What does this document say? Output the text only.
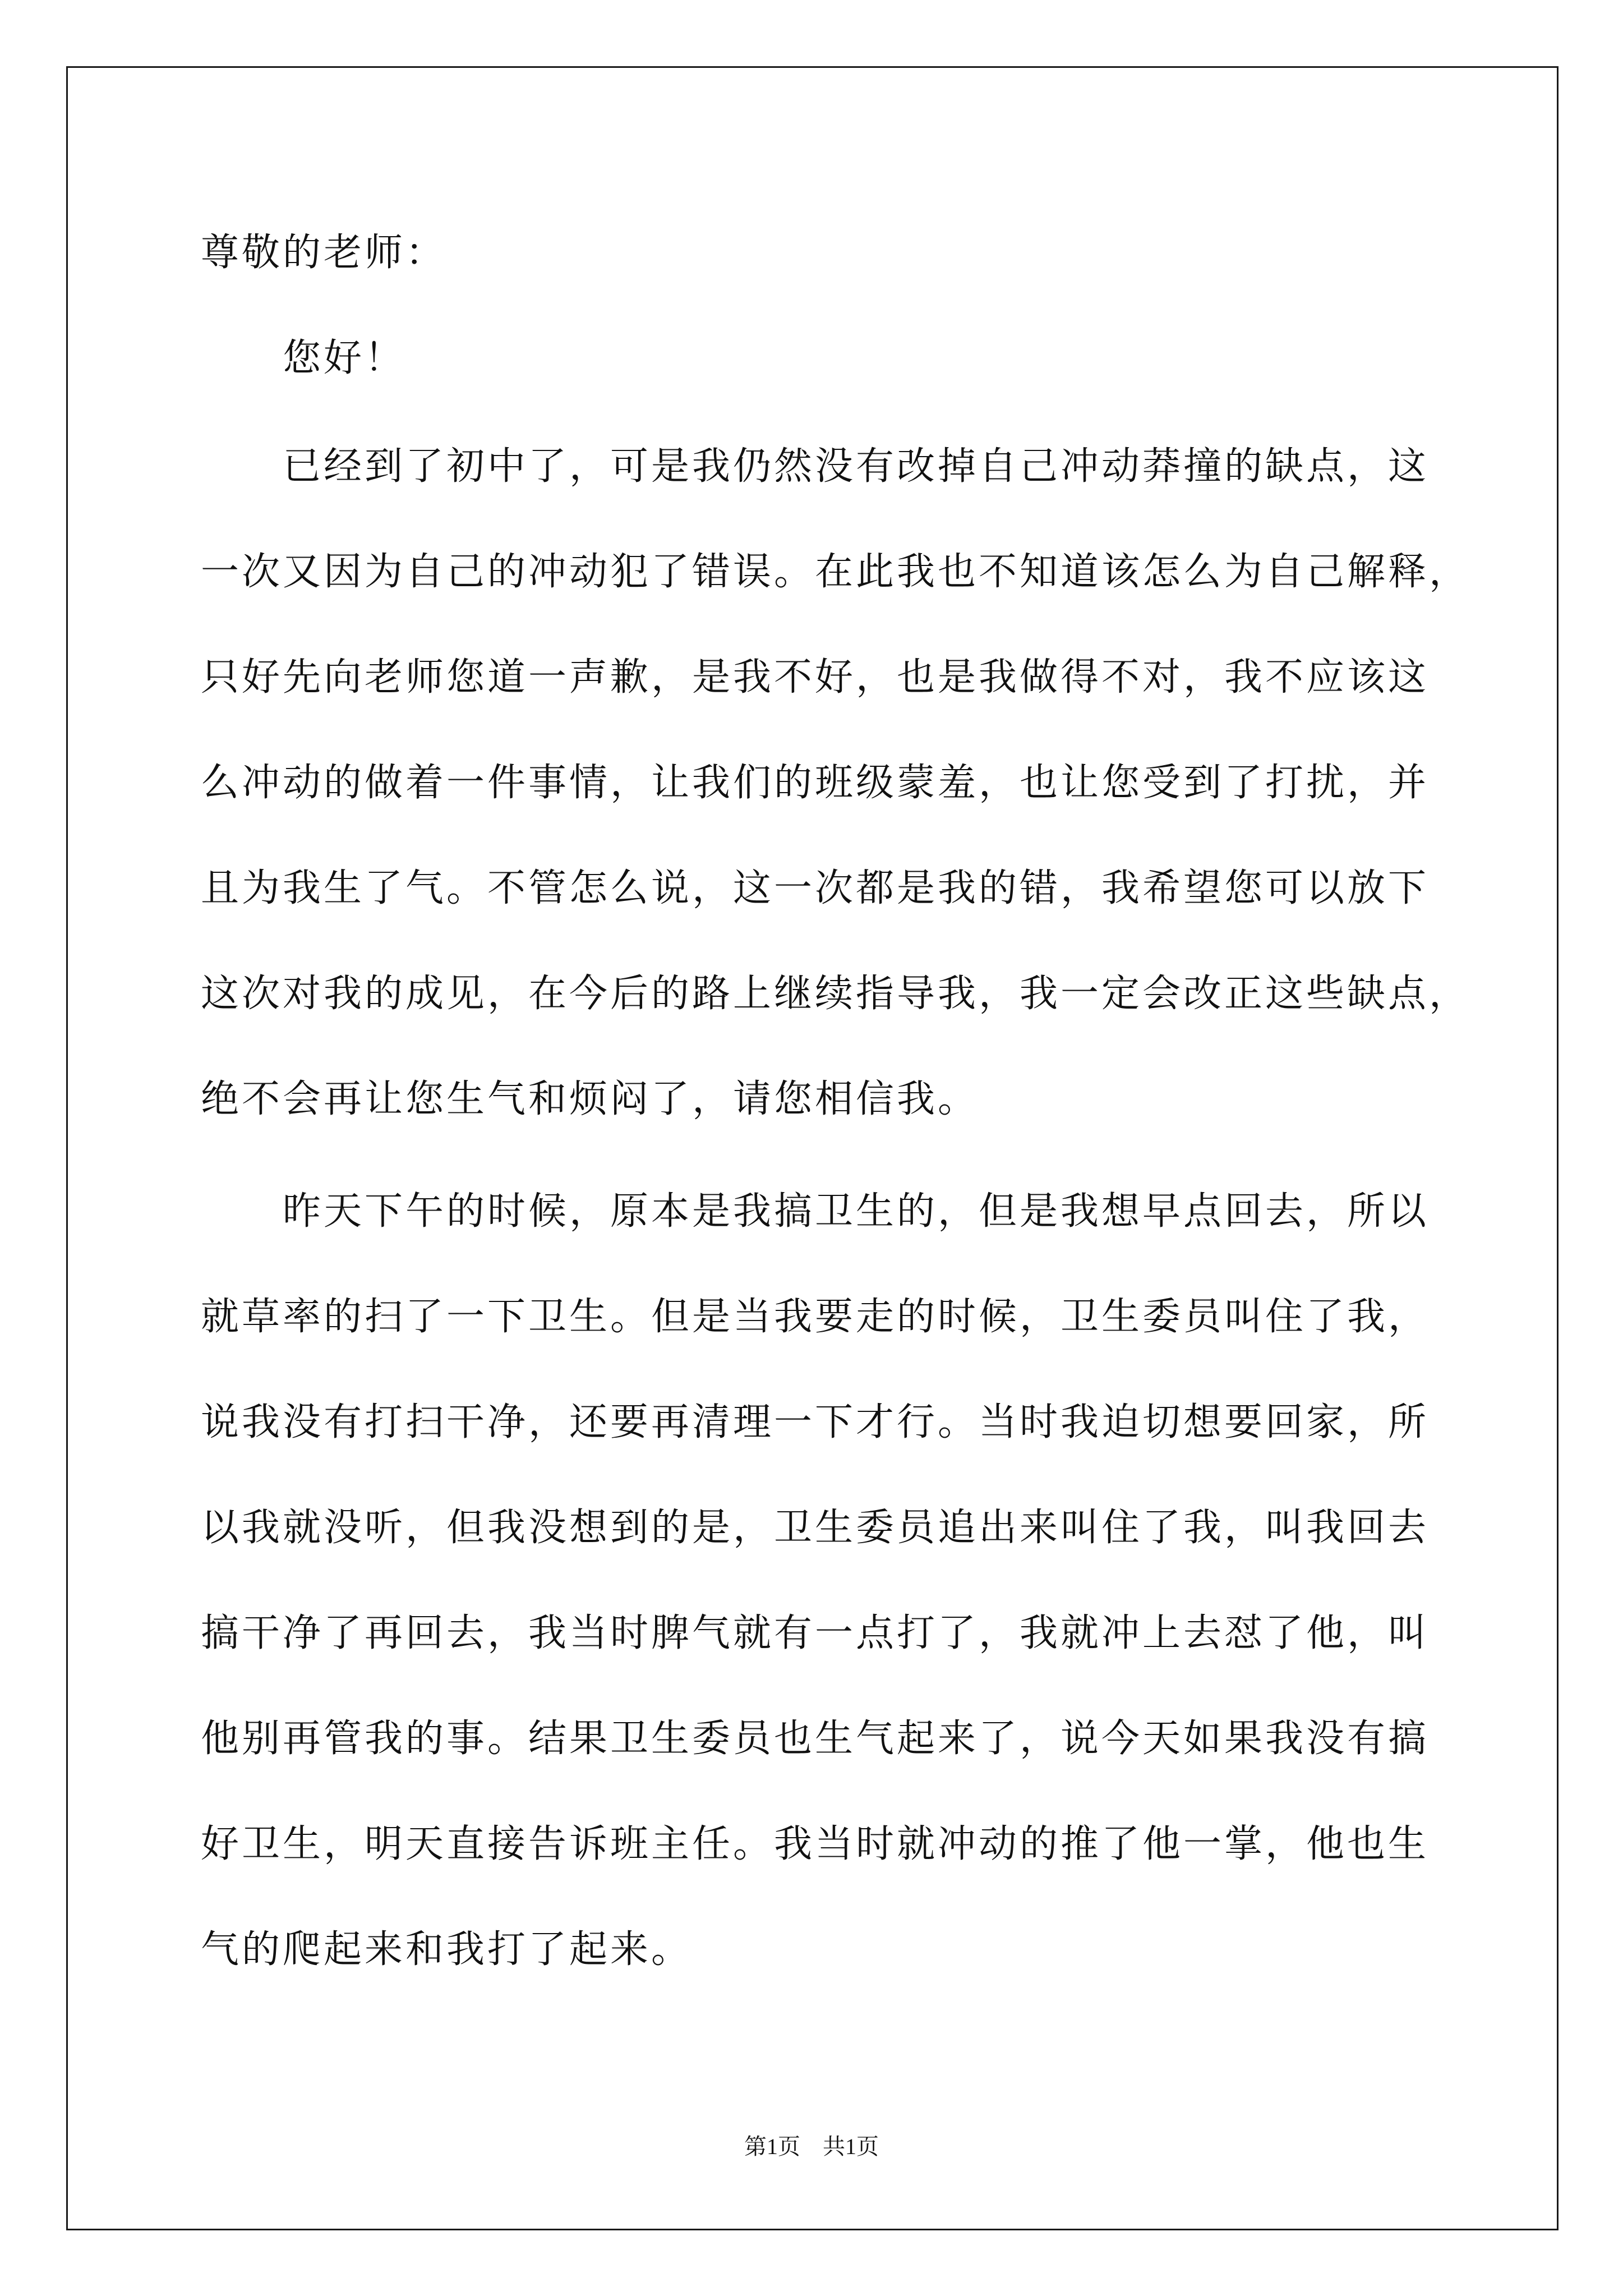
尊敬的老师：
您好！
已经到了初中了，可是我仍然没有改掉自己冲动莽撞的缺点，这
一次又因为自己的冲动犯了错误。在此我也不知道该怎么为自己解释，
只好先向老师您道一声歉，是我不好，也是我做得不对，我不应该这
么冲动的做着一件事情，让我们的班级蒙羞，也让您受到了打扰，并
且为我生了气。不管怎么说，这一次都是我的错，我希望您可以放下
这次对我的成见，在今后的路上继续指导我，我一定会改正这些缺点，
绝不会再让您生气和烦闷了，请您相信我。
昨天下午的时候，原本是我搞卫生的，但是我想早点回去，所以
就草率的扫了一下卫生。但是当我要走的时候，卫生委员叫住了我，
说我没有打扫干净，还要再清理一下才行。当时我迫切想要回家，所
以我就没听，但我没想到的是，卫生委员追出来叫住了我，叫我回去
搞干净了再回去，我当时脾气就有一点打了，我就冲上去怼了他，叫
他别再管我的事。结果卫生委员也生气起来了，说今天如果我没有搞
好卫生，明天直接告诉班主任。我当时就冲动的推了他一掌，他也生
气的爬起来和我打了起来。
第1页　共1页
